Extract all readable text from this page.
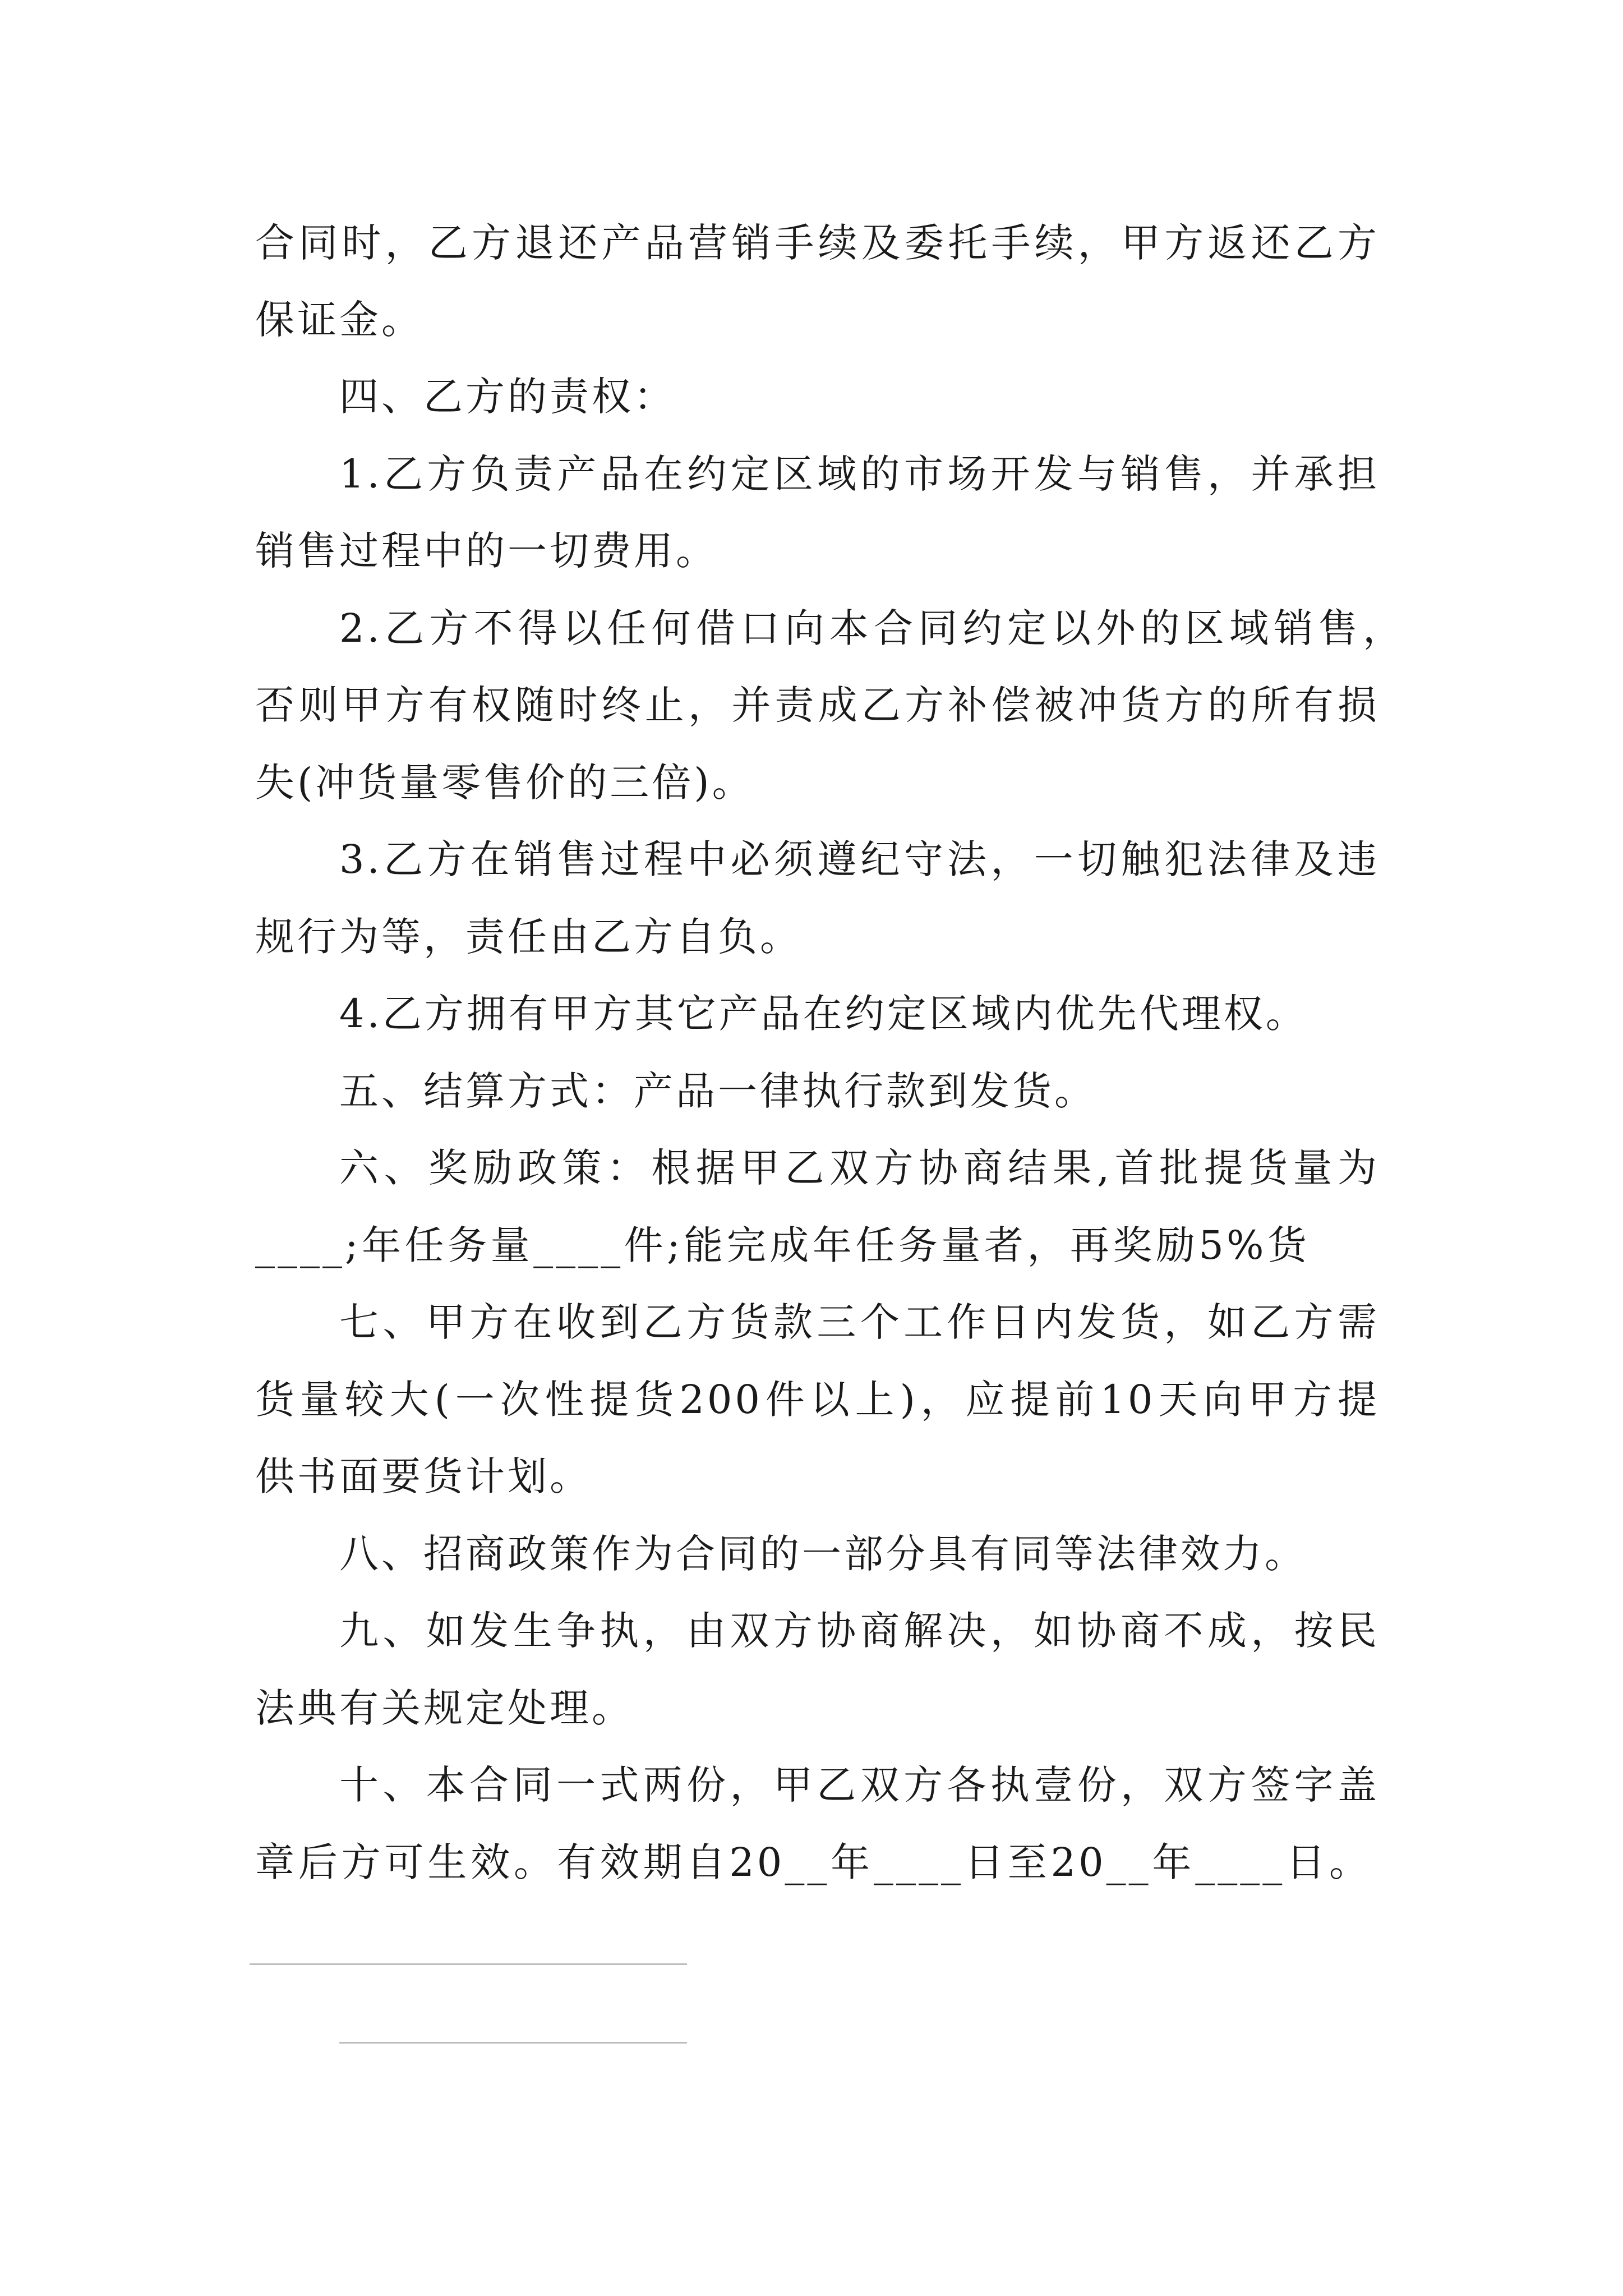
合同时，乙方退还产品营销手续及委托手续，甲方返还乙方
保证金。
四、乙方的责权：
1.乙方负责产品在约定区域的市场开发与销售，并承担
销售过程中的一切费用。
2.乙方不得以任何借口向本合同约定以外的区域销售，
否则甲方有权随时终止，并责成乙方补偿被冲货方的所有损
失(冲货量零售价的三倍)。
3.乙方在销售过程中必须遵纪守法，一切触犯法律及违
规行为等，责任由乙方自负。
4.乙方拥有甲方其它产品在约定区域内优先代理权。
五、结算方式：产品一律执行款到发货。
六、奖励政策：根据甲乙双方协商结果,首批提货量为
____;年任务量____件;能完成年任务量者，再奖励5%货
七、甲方在收到乙方货款三个工作日内发货，如乙方需
货量较大(一次性提货200件以上)，应提前10天向甲方提
供书面要货计划。
八、招商政策作为合同的一部分具有同等法律效力。
九、如发生争执，由双方协商解决，如协商不成，按民
法典有关规定处理。
十、本合同一式两份，甲乙双方各执壹份，双方签字盖
章后方可生效。有效期自20__年____日至20__年____日。
